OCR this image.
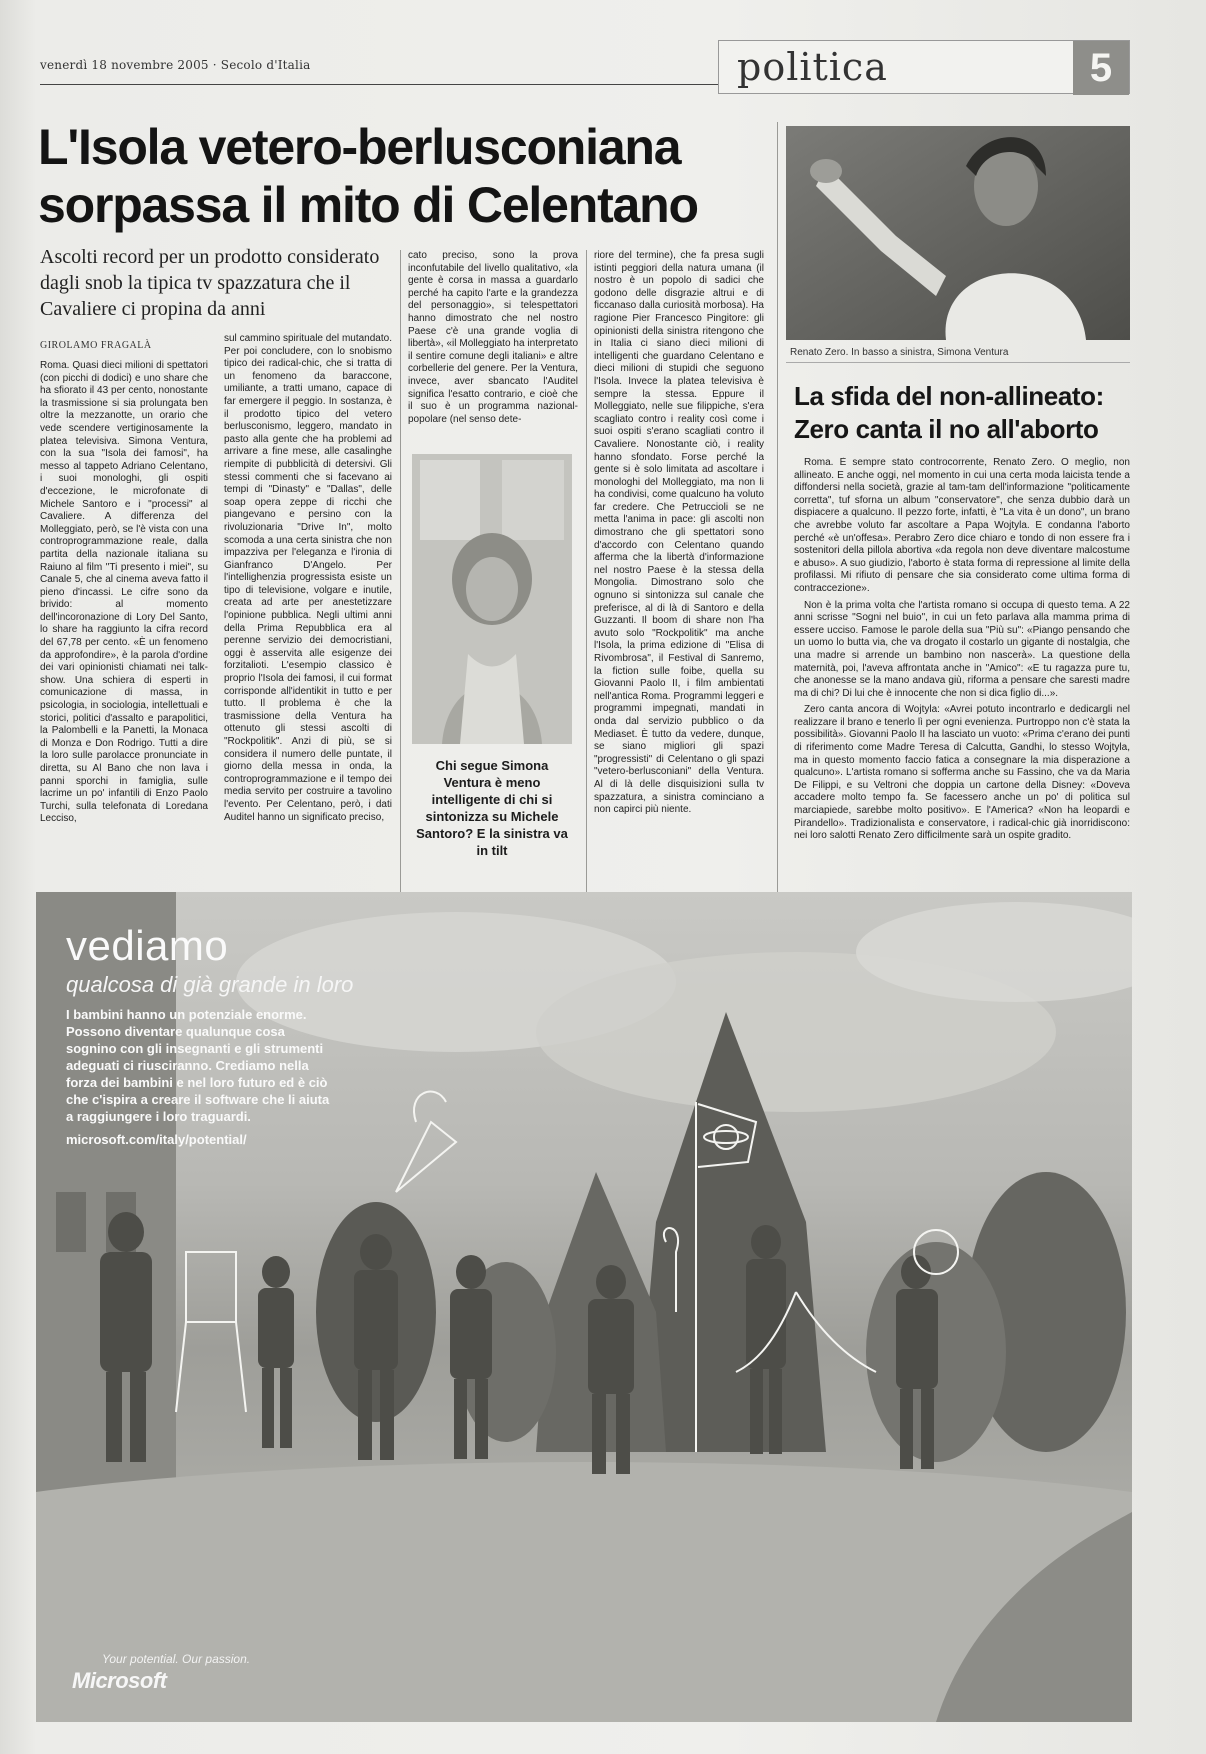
venerdì 18 novembre 2005 · Secolo d'Italia	politica	5
L'Isola vetero-berlusconiana sorpassa il mito di Celentano
Ascolti record per un prodotto considerato dagli snob la tipica tv spazzatura che il Cavaliere ci propina da anni
GIROLAMO FRAGALÀ
Roma. Quasi dieci milioni di spettatori (con picchi di dodici) e uno share che ha sfiorato il 43 per cento, nonostante la trasmissione si sia prolungata ben oltre la mezzanotte, un orario che vede scendere vertiginosamente la platea televisiva. Simona Ventura, con la sua "Isola dei famosi", ha messo al tappeto Adriano Celentano, i suoi monologhi, gli ospiti d'eccezione, le microfonate di Michele Santoro e i "processi" al Cavaliere. A differenza del Molleggiato, però, se l'è vista con una controprogrammazione reale, dalla partita della nazionale italiana su Raiuno al film "Ti presento i miei", su Canale 5, che al cinema aveva fatto il pieno d'incassi. Le cifre sono da brivido: al momento dell'incoronazione di Lory Del Santo, lo share ha raggiunto la cifra record del 67,78 per cento. «È un fenomeno da approfondire», è la parola d'ordine dei vari opinionisti chiamati nei talk-show. Una schiera di esperti in comunicazione di massa, in psicologia, in sociologia, intellettuali e storici, politici d'assalto e parapolitici, la Palombelli e la Panetti, la Monaca di Monza e Don Rodrigo. Tutti a dire la loro sulle parolacce pronunciate in diretta, su Al Bano che non lava i panni sporchi in famiglia, sulle lacrime un po' infantili di Enzo Paolo Turchi, sulla telefonata di Loredana Lecciso,
sul cammino spirituale del mutandato. Per poi concludere, con lo snobismo tipico dei radical-chic, che si tratta di un fenomeno da baraccone, umiliante, a tratti umano, capace di far emergere il peggio. In sostanza, è il prodotto tipico del vetero berlusconismo, leggero, mandato in pasto alla gente che ha problemi ad arrivare a fine mese, alle casalinghe riempite di pubblicità di detersivi. Gli stessi commenti che si facevano ai tempi di "Dinasty" e "Dallas", delle soap opera zeppe di ricchi che piangevano e persino con la rivoluzionaria "Drive In", molto scomoda a una certa sinistra che non impazziva per l'eleganza e l'ironia di Gianfranco D'Angelo. Per l'intellighenzia progressista esiste un tipo di televisione, volgare e inutile, creata ad arte per anestetizzare l'opinione pubblica. Negli ultimi anni della Prima Repubblica era al perenne servizio dei democristiani, oggi è asservita alle esigenze dei forzitalioti. L'esempio classico è proprio l'Isola dei famosi, il cui format corrisponde all'identikit in tutto e per tutto. Il problema è che la trasmissione della Ventura ha ottenuto gli stessi ascolti di "Rockpolitik". Anzi di più, se si considera il numero delle puntate, il giorno della messa in onda, la controprogrammazione e il tempo dei media servito per costruire a tavolino l'evento. Per Celentano, però, i dati Auditel hanno un significato preciso,
cato preciso, sono la prova inconfutabile del livello qualitativo, «la gente è corsa in massa a guardarlo perché ha capito l'arte e la grandezza del personaggio», si telespettatori hanno dimostrato che nel nostro Paese c'è una grande voglia di libertà», «il Molleggiato ha interpretato il sentire comune degli italiani» e altre corbellerie del genere. Per la Ventura, invece, aver sbancato l'Auditel significa l'esatto contrario, e cioè che il suo è un programma nazional-popolare (nel senso dete-
riore del termine), che fa presa sugli istinti peggiori della natura umana (il nostro è un popolo di sadici che godono delle disgrazie altrui e di ficcanaso dalla curiosità morbosa). Ha ragione Pier Francesco Pingitore: gli opinionisti della sinistra ritengono che in Italia ci siano dieci milioni di intelligenti che guardano Celentano e dieci milioni di stupidi che seguono l'Isola. Invece la platea televisiva è sempre la stessa. Eppure il Molleggiato, nelle sue filippiche, s'era scagliato contro i reality così come i suoi ospiti s'erano scagliati contro il Cavaliere. Nonostante ciò, i reality hanno sfondato. Forse perché la gente si è solo limitata ad ascoltare i monologhi del Molleggiato, ma non li ha condivisi, come qualcuno ha voluto far credere. Che Petruccioli se ne metta l'anima in pace: gli ascolti non dimostrano che gli spettatori sono d'accordo con Celentano quando afferma che la libertà d'informazione nel nostro Paese è la stessa della Mongolia. Dimostrano solo che ognuno si sintonizza sul canale che preferisce, al di là di Santoro e della Guzzanti. Il boom di share non l'ha avuto solo "Rockpolitik" ma anche l'Isola, la prima edizione di "Elisa di Rivombrosa", il Festival di Sanremo, la fiction sulle foibe, quella su Giovanni Paolo II, i film ambientati nell'antica Roma. Programmi leggeri e programmi impegnati, mandati in onda dal servizio pubblico o da Mediaset. È tutto da vedere, dunque, se siano migliori gli spazi "progressisti" di Celentano o gli spazi "vetero-berlusconiani" della Ventura. Al di là delle disquisizioni sulla tv spazzatura, a sinistra cominciano a non capirci più niente.
Chi segue Simona Ventura è meno intelligente di chi si sintonizza su Michele Santoro? E la sinistra va in tilt
Renato Zero. In basso a sinistra, Simona Ventura
La sfida del non-allineato: Zero canta il no all'aborto

Roma. È sempre stato controcorrente, Renato Zero. O meglio, non allineato. E anche oggi, nel momento in cui una certa moda laicista tende a diffondersi nella società, grazie al tam-tam dell'informazione "politicamente corretta", tuf sforna un album "conservatore", che senza dubbio darà un dispiacere a qualcuno. Il pezzo forte, infatti, è "La vita è un dono", un brano che avrebbe voluto far ascoltare a Papa Wojtyla. E condanna l'aborto perché «è un'offesa». Perabro Zero dice chiaro e tondo di non essere fra i sostenitori della pillola abortiva «da regola non deve diventare malcostume e abuso». A suo giudizio, l'aborto è stata forma di repressione al limite della profilassi. Mi rifiuto di pensare che sia considerato come ultima forma di contraccezione».

Non è la prima volta che l'artista romano si occupa di questo tema. A 22 anni scrisse "Sogni nel buio", in cui un feto parlava alla mamma prima di essere ucciso. Famose le parole della sua "Più su": «Piango pensando che un uomo lo butta via, che va drogato il costarlo un gigante di nostalgia, che una madre si arrende un bambino non nascerà». La questione della maternità, poi, l'aveva affrontata anche in "Amico": «E tu ragazza pure tu, che anonesse se la mano andava giù, riforma a pensare che saresti madre ma di chi? Di lui che è innocente che non si dica figlio di...».

Zero canta ancora di Wojtyla: «Avrei potuto incontrarlo e dedicargli nel realizzare il brano e tenerlo lì per ogni evenienza. Purtroppo non c'è stata la possibilità». Giovanni Paolo II ha lasciato un vuoto: «Prima c'erano dei punti di riferimento come Madre Teresa di Calcutta, Gandhi, lo stesso Wojtyla, ma in questo momento faccio fatica a consegnare la mia disperazione a qualcuno». L'artista romano si sofferma anche su Fassino, che va da Maria De Filippi, e su Veltroni che doppia un cartone della Disney: «Doveva accadere molto tempo fa. Se facessero anche un po' di politica sul marciapiede, sarebbe molto positivo». E l'America? «Non ha leopardi e Pirandello». Tradizionalista e conservatore, i radical-chic già inorridiscono: nei loro salotti Renato Zero difficilmente sarà un ospite gradito.

vediamo
qualcosa di già grande in loro
I bambini hanno un potenziale enorme. Possono diventare qualunque cosa sognino con gli insegnanti e gli strumenti adeguati ci riusciranno. Crediamo nella forza dei bambini e nel loro futuro ed è ciò che c'ispira a creare il software che li aiuta a raggiungere i loro traguardi.
microsoft.com/italy/potential/
Your potential. Our passion.
Microsoft
